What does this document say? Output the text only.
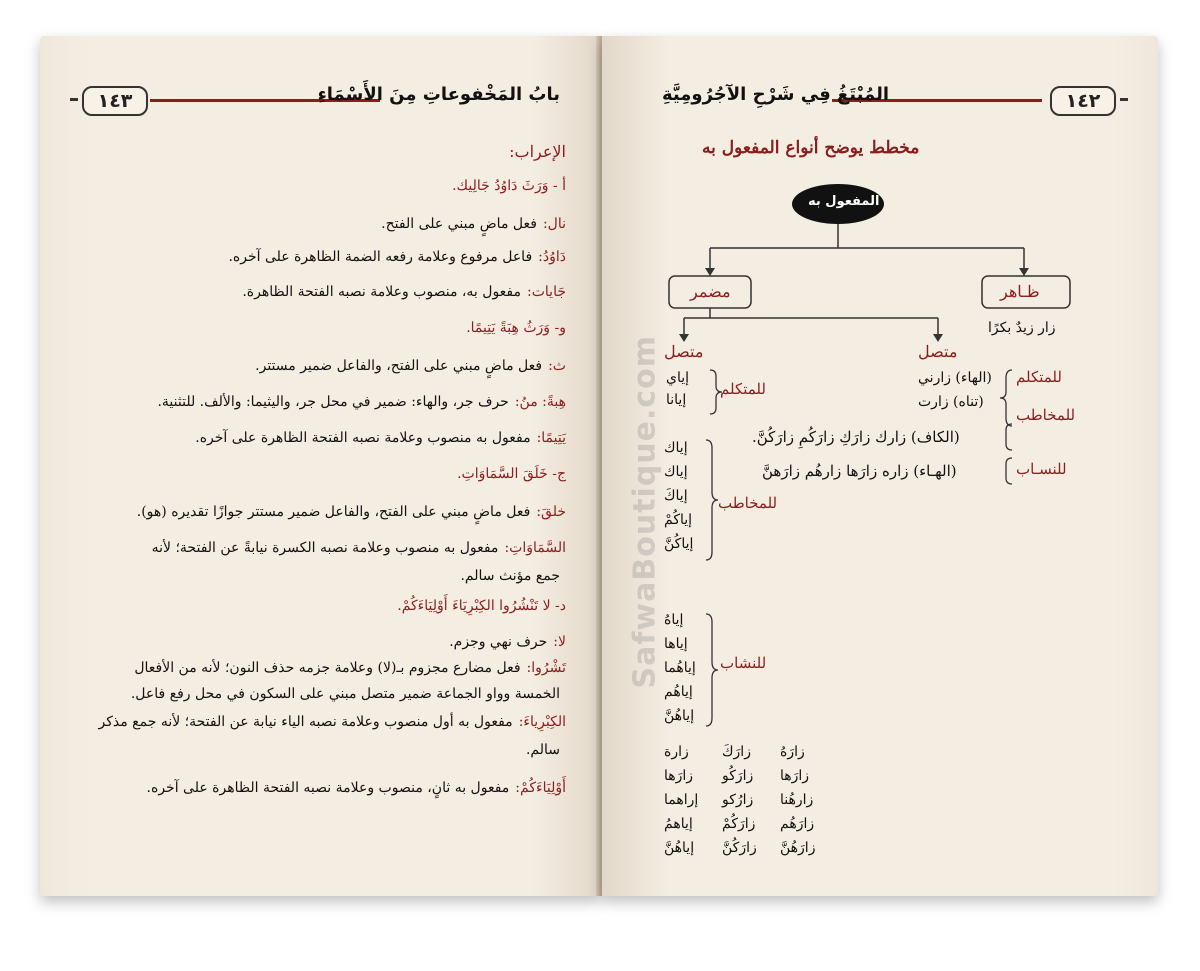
١٤٣	بابُ المَخْفوعاتِ مِنَ الأَسْمَاءِ
الإعراب:
أ - وَرَثَ دَاوُدُ جَالِيك.
نال:فعل ماضٍ مبني على الفتح.
دَاوُدُ:فاعل مرفوع وعلامة رفعه الضمة الظاهرة على آخره.
جَايات:مفعول به، منصوب وعلامة نصبه الفتحة الظاهرة.
و- وَرَثُ هِبَةً يَتِيمًا.
ث:فعل ماضٍ مبني على الفتح، والفاعل ضمير مستتر.
هِبةً: منُ:حرف جر، والهاء: ضمير في محل جر، واليثيما: والألف. للتثنية.
يَتِيمًا:مفعول به منصوب وعلامة نصبه الفتحة الظاهرة على آخره.
ج- خَلَقَ السَّمَاوَاتِ.
خلقَ:فعل ماضٍ مبني على الفتح، والفاعل ضمير مستتر جوازًا تقديره (هو).
السَّمَاوَاتِ:مفعول به منصوب وعلامة نصبه الكسرة نيابةً عن الفتحة؛ لأنه
جمع مؤنث سالم.
د- لا تَنْشُرُوا الكِبْرِيَاءَ أَوْلِيَاءَكُمْ.
لا:حرف نهي وجزم.
تَشْرُوا:فعل مضارع مجزوم بـ(لا) وعلامة جزمه حذف النون؛ لأنه من الأفعال
الخمسة وواو الجماعة ضمير متصل مبني على السكون في محل رفع فاعل.
الكِبْرِياءَ:مفعول به أول منصوب وعلامة نصبه الياء نيابة عن الفتحة؛ لأنه جمع مذكر
سالم.
أَوْلِيَاءَكُمْ:مفعول به ثانٍ، منصوب وعلامة نصبه الفتحة الظاهرة على آخره.
١٤٢
المُبْتَغُ فِي شَرْحِ الآجُرُومِيَّةِ
مخطط يوضح أنواع المفعول به
المفعول به
مضمر	ظـاهر
زار زيدٌ بكرًا
متصل	متصل
للمتكلم
(الهاء) زارني
(تناه) زارت
للمخاطب
(الكاف) زارك زارَكِ زارَكُمِ زارَكُنَّ.
للنسـاب
(الهـاء) زاره زارَها زارهُم زارَهنَّ
للمتكلم
للمخاطب
للنشاب
إياي
إيانا
إياك
إياك
إياكَ
إياكُمْ
إياكُنَّ
إياهُ
إياها
إياهُما
إياهُم
إياهُنَّ
زارة زارَكَ زارَهُ
زارَها زارَكُو زارَها
إراهما زارُكو زارهُنا
إياهمُ زارَكُمْ زارَهُم
إياهُنَّ زارَكُنَّ زارَهُنَّ
SafwaBoutique.com
